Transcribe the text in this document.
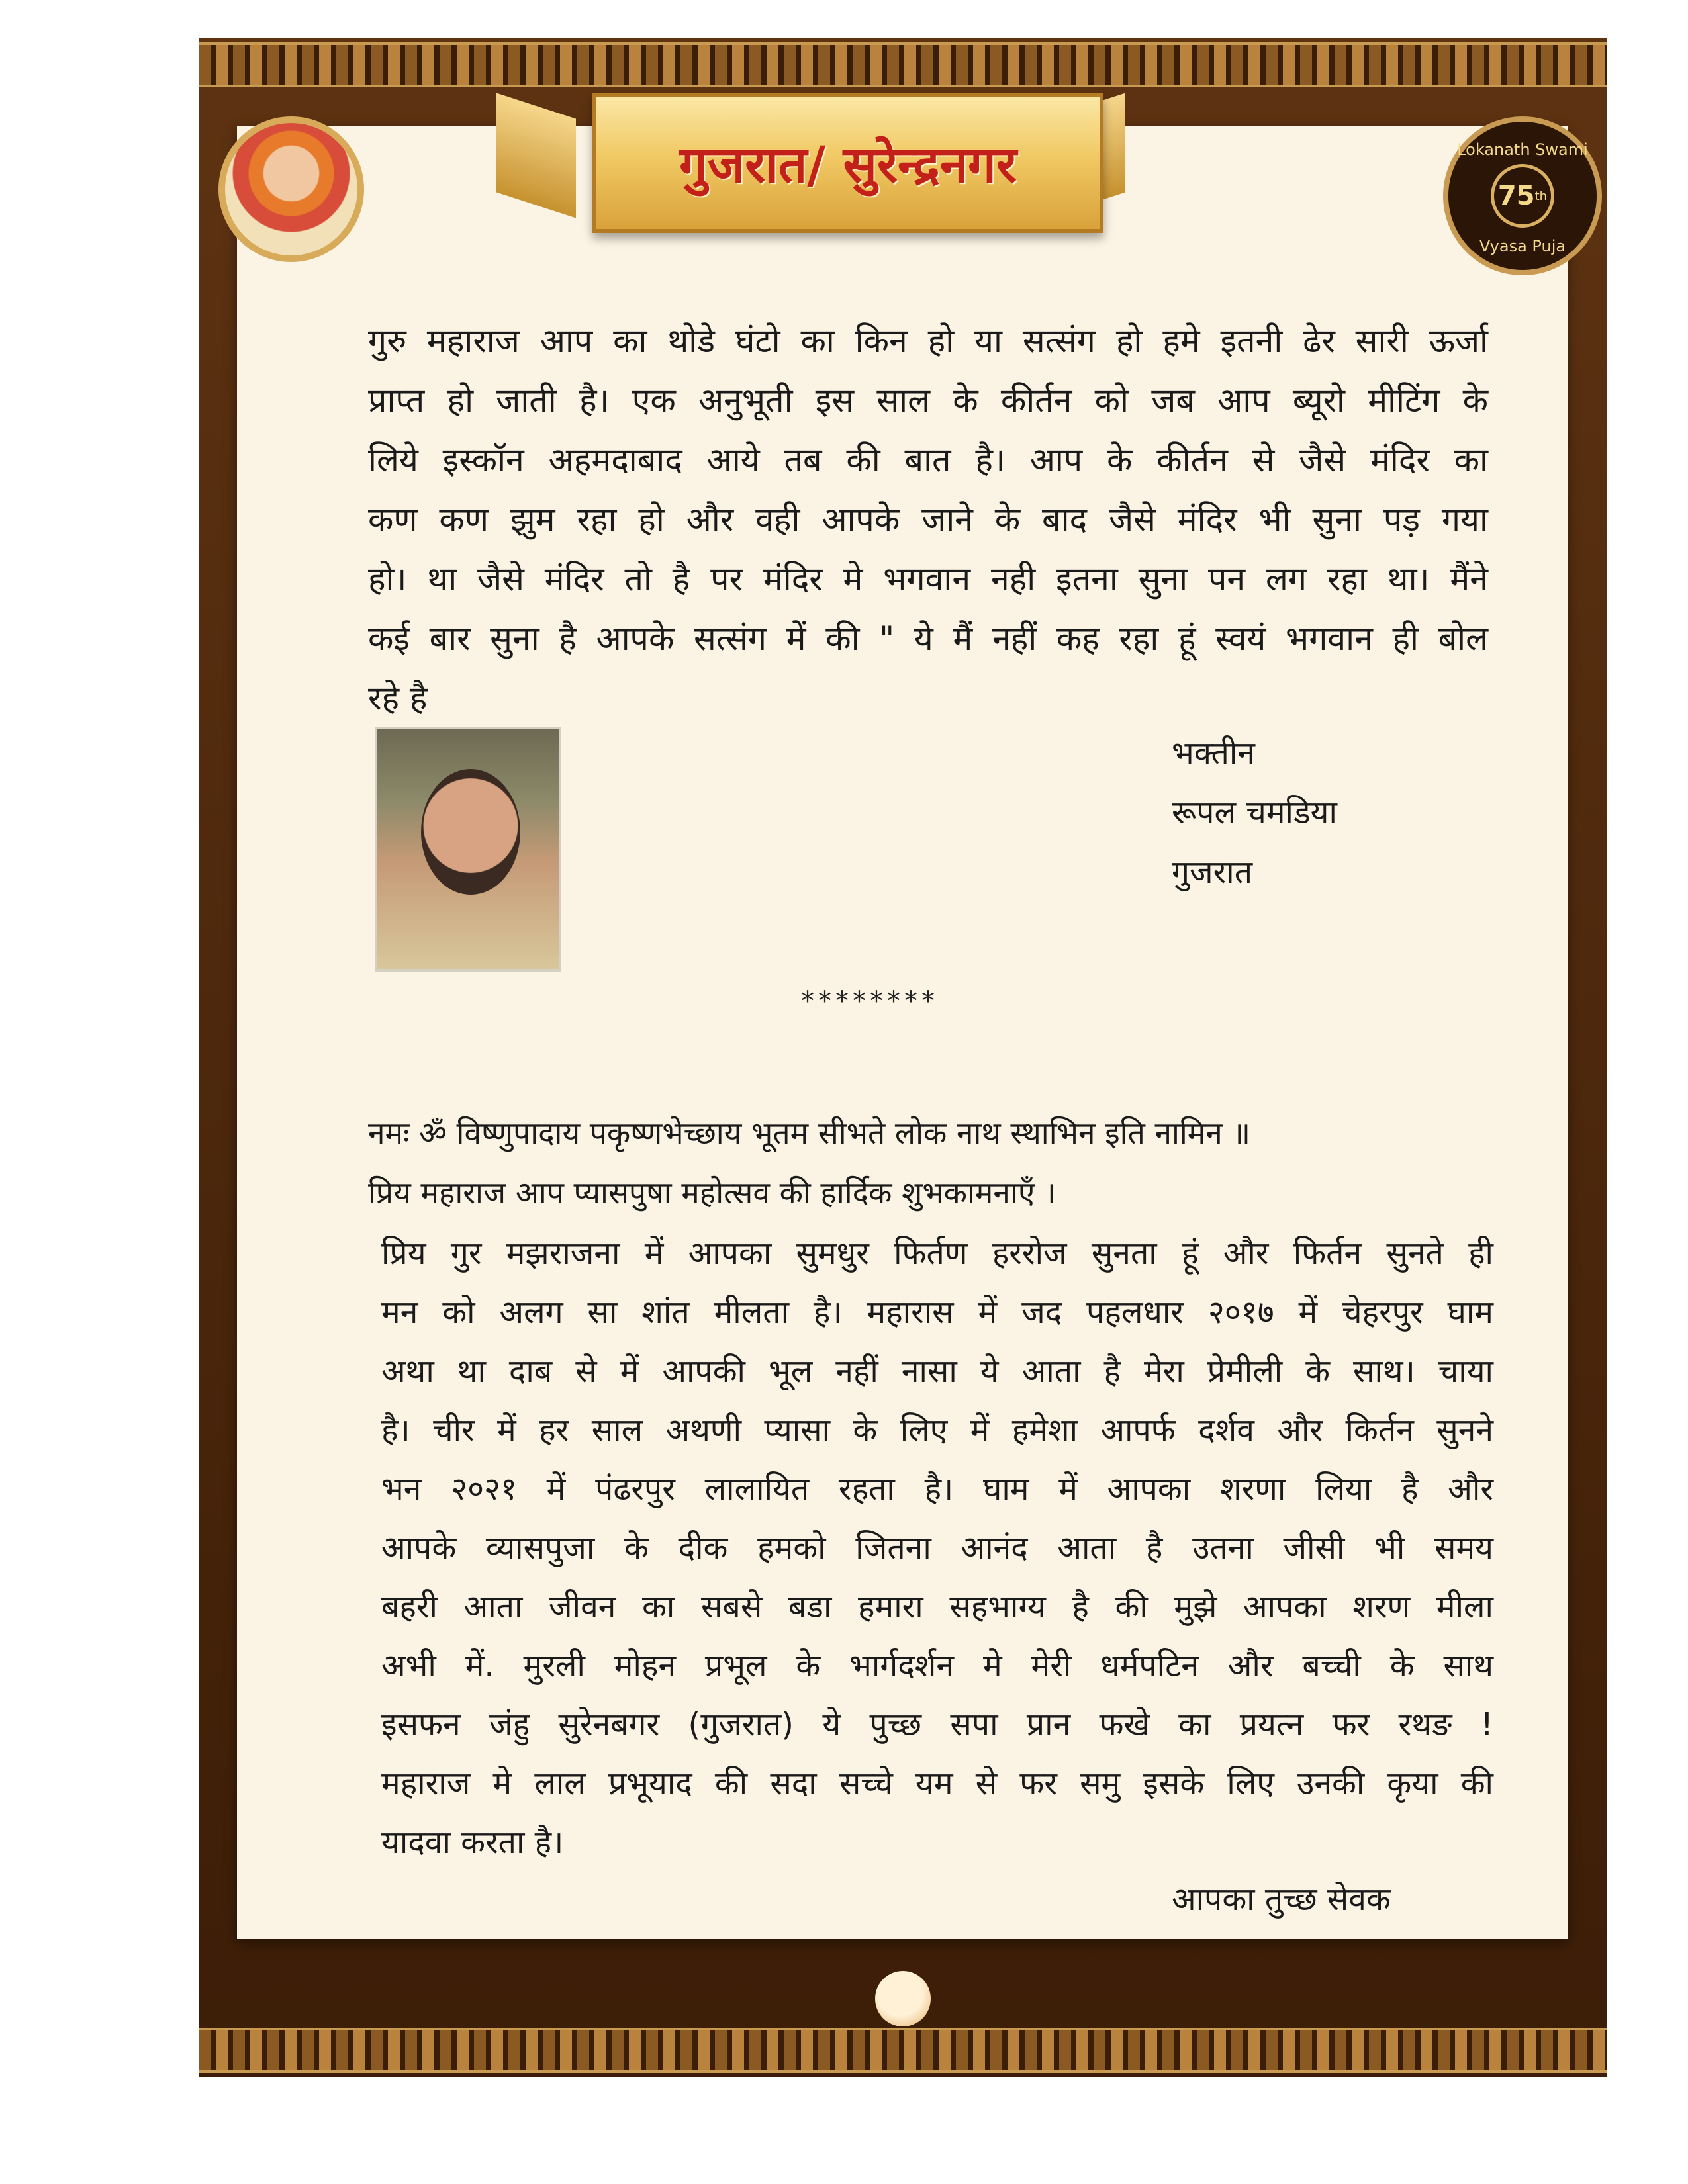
गुजरात/ सुरेन्द्रनगर	Lokanath Swami
75 th
Vyasa Puja
गुरु महाराज आप का थोडे घंटो का किन हो या सत्संग हो हमे इतनी ढेर सारी ऊर्जा
प्राप्त हो जाती है। एक अनुभूती इस साल के कीर्तन को जब आप ब्यूरो मीटिंग के
लिये इस्कॉन अहमदाबाद आये तब की बात है। आप के कीर्तन से जैसे मंदिर का
कण कण झुम रहा हो और वही आपके जाने के बाद जैसे मंदिर भी सुना पड़ गया
हो। था जैसे मंदिर तो है पर मंदिर मे भगवान नही इतना सुना पन लग रहा था। मैंने
कई बार सुना है आपके सत्संग में की " ये मैं नहीं कह रहा हूं स्वयं भगवान ही बोल
रहे है
भक्तीन
रूपल चमडिया
गुजरात
********
नमः ॐ विष्णुपादाय पकृष्णभेच्छाय भूतम सीभते लोक नाथ स्थाभिन इति नामिन ॥
प्रिय महाराज आप प्यासपुषा महोत्सव की हार्दिक शुभकामनाएँ ।
प्रिय गुर मझराजना में आपका सुमधुर फिर्तण हररोज सुनता हूं और फिर्तन सुनते ही
मन को अलग सा शांत मीलता है। महारास में जद पहलधार २०१७ में चेहरपुर घाम
अथा था दाब से में आपकी भूल नहीं नासा ये आता है मेरा प्रेमीली के साथ। चाया
है। चीर में हर साल अथणी प्यासा के लिए में हमेशा आपर्फ दर्शव और किर्तन सुनने
भन २०२१ में पंढरपुर लालायित रहता है। घाम में आपका शरणा लिया है और
आपके व्यासपुजा के दीक हमको जितना आनंद आता है उतना जीसी भी समय
बहरी आता जीवन का सबसे बडा हमारा सहभाग्य है की मुझे आपका शरण मीला
अभी में. मुरली मोहन प्रभूल के भार्गदर्शन मे मेरी धर्मपटिन और बच्ची के साथ
इसफन जंहु सुरेनबगर (गुजरात) ये पुच्छ सपा प्रान फखे का प्रयत्न फर रथङ !
महाराज मे लाल प्रभूयाद की सदा सच्चे यम से फर समु इसके लिए उनकी कृया की
यादवा करता है।
आपका तुच्छ सेवक
